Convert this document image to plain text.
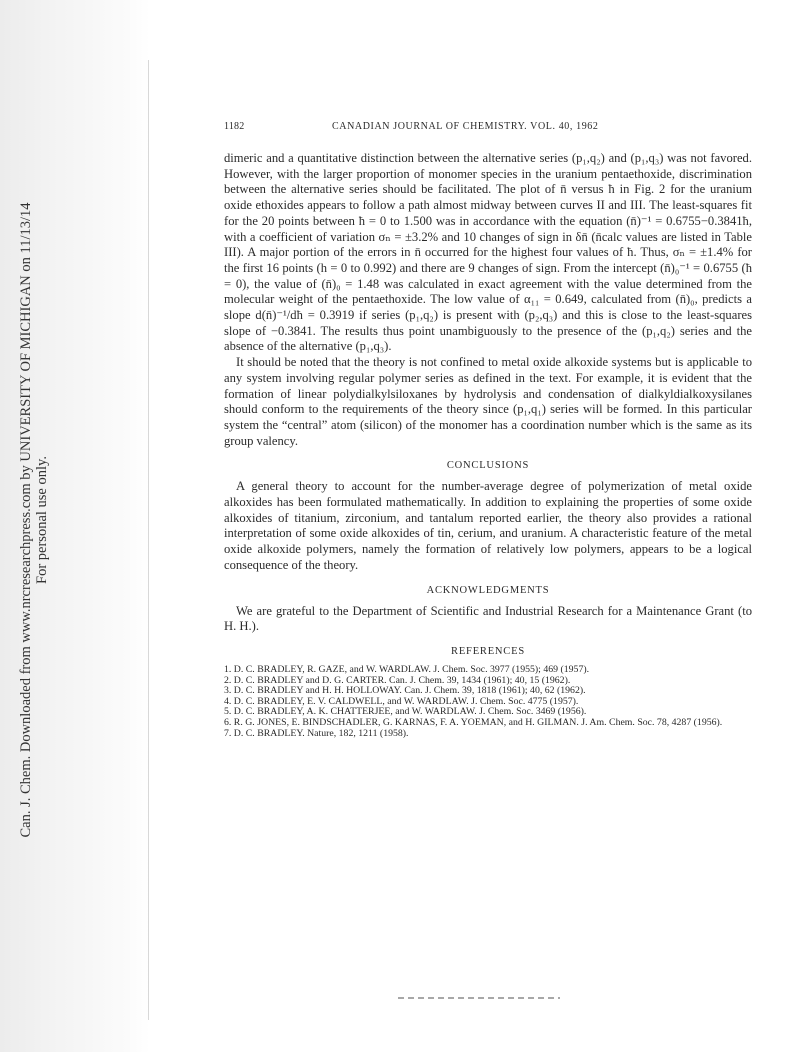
Can. J. Chem. Downloaded from www.nrcresearchpress.com by UNIVERSITY OF MICHIGAN on 11/13/14 For personal use only.
1182	CANADIAN JOURNAL OF CHEMISTRY. VOL. 40, 1962

dimeric and a quantitative distinction between the alternative series (p₁,q₂) and (p₁,q₃) was not favored. However, with the larger proportion of monomer species in the uranium pentaethoxide, discrimination between the alternative series should be facilitated. The plot of n̄ versus ħ in Fig. 2 for the uranium oxide ethoxides appears to follow a path almost midway between curves II and III. The least-squares fit for the 20 points between ħ = 0 to 1.500 was in accordance with the equation (n̄)⁻¹ = 0.6755−0.3841ħ, with a coefficient of variation σₙ = ±3.2% and 10 changes of sign in δn̄ (n̄calc values are listed in Table III). A major portion of the errors in n̄ occurred for the highest four values of ħ. Thus, σₙ = ±1.4% for the first 16 points (h = 0 to 0.992) and there are 9 changes of sign. From the intercept (n̄)₀⁻¹ = 0.6755 (ħ = 0), the value of (n̄)₀ = 1.48 was calculated in exact agreement with the value determined from the molecular weight of the pentaethoxide. The low value of α₁₁ = 0.649, calculated from (n̄)₀, predicts a slope d(n̄)⁻¹/dħ = 0.3919 if series (p₁,q₂) is present with (p₂,q₃) and this is close to the least-squares slope of −0.3841. The results thus point unambiguously to the presence of the (p₁,q₂) series and the absence of the alternative (p₁,q₃).

It should be noted that the theory is not confined to metal oxide alkoxide systems but is applicable to any system involving regular polymer series as defined in the text. For example, it is evident that the formation of linear polydialkylsiloxanes by hydrolysis and condensation of dialkyldialkoxysilanes should conform to the requirements of the theory since (p₁,q₁) series will be formed. In this particular system the “central” atom (silicon) of the monomer has a coordination number which is the same as its group valency.

CONCLUSIONS

A general theory to account for the number-average degree of polymerization of metal oxide alkoxides has been formulated mathematically. In addition to explaining the properties of some oxide alkoxides of titanium, zirconium, and tantalum reported earlier, the theory also provides a rational interpretation of some oxide alkoxides of tin, cerium, and uranium. A characteristic feature of the metal oxide alkoxide polymers, namely the formation of relatively low polymers, appears to be a logical consequence of the theory.

ACKNOWLEDGMENTS

We are grateful to the Department of Scientific and Industrial Research for a Maintenance Grant (to H. H.).

REFERENCES
1. D. C. BRADLEY, R. GAZE, and W. WARDLAW. J. Chem. Soc. 3977 (1955); 469 (1957).
2. D. C. BRADLEY and D. G. CARTER. Can. J. Chem. 39, 1434 (1961); 40, 15 (1962).
3. D. C. BRADLEY and H. H. HOLLOWAY. Can. J. Chem. 39, 1818 (1961); 40, 62 (1962).
4. D. C. BRADLEY, E. V. CALDWELL, and W. WARDLAW. J. Chem. Soc. 4775 (1957).
5. D. C. BRADLEY, A. K. CHATTERJEE, and W. WARDLAW. J. Chem. Soc. 3469 (1956).
6. R. G. JONES, E. BINDSCHADLER, G. KARNAS, F. A. YOEMAN, and H. GILMAN. J. Am. Chem. Soc. 78, 4287 (1956).
7. D. C. BRADLEY. Nature, 182, 1211 (1958).
